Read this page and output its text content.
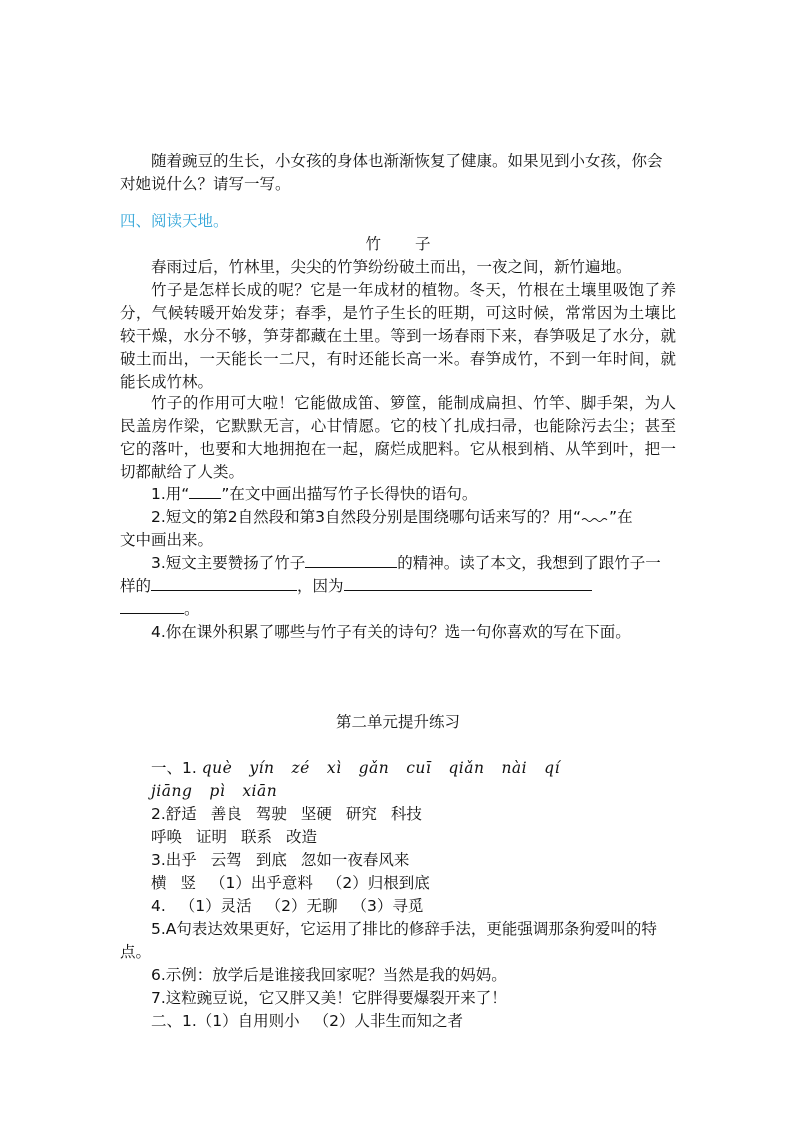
随着豌豆的生长，小女孩的身体也渐渐恢复了健康。如果见到小女孩，你会

对她说什么？请写一写。

四、阅读天地。

竹 子

春雨过后，竹林里，尖尖的竹笋纷纷破土而出，一夜之间，新竹遍地。

竹子是怎样长成的呢？它是一年成材的植物。冬天，竹根在土壤里吸饱了养分，气候转暖开始发芽；春季，是竹子生长的旺期，可这时候，常常因为土壤比较干燥，水分不够，笋芽都藏在土里。等到一场春雨下来，春笋吸足了水分，就破土而出，一天能长一二尺，有时还能长高一米。春笋成竹，不到一年时间，就能长成竹林。

竹子的作用可大啦！它能做成笛、箩筐，能制成扁担、竹竿、脚手架，为人民盖房作梁，它默默无言，心甘情愿。它的枝丫扎成扫帚，也能除污去尘；甚至它的落叶，也要和大地拥抱在一起，腐烂成肥料。它从根到梢、从竿到叶，把一切都献给了人类。

1.用“ ”在文中画出描写竹子长得快的语句。

2.短文的第2自然段和第3自然段分别是围绕哪句话来写的？用“ ”在

文中画出来。

3.短文主要赞扬了竹子	的精神。读了本文，我想到了跟竹子一

样的	，因为

。

4.你在课外积累了哪些与竹子有关的诗句？选一句你喜欢的写在下面。

第二单元提升练习

一、1. què yín zé xì gǎn cuī qiǎn nài qí

jiāng pì xiān

2.舒适 善良 驾驶 坚硬 研究 科技

呼唤 证明 联系 改造

3.出乎 云驾 到底 忽如一夜春风来

横 竖 （1）出乎意料 （2）归根到底

4. （1）灵活 （2）无聊 （3）寻觅

5.A句表达效果更好，它运用了排比的修辞手法，更能强调那条狗爱叫的特

点。

6.示例：放学后是谁接我回家呢？当然是我的妈妈。

7.这粒豌豆说，它又胖又美！它胖得要爆裂开来了！

二、1.（1）自用则小 （2）人非生而知之者
